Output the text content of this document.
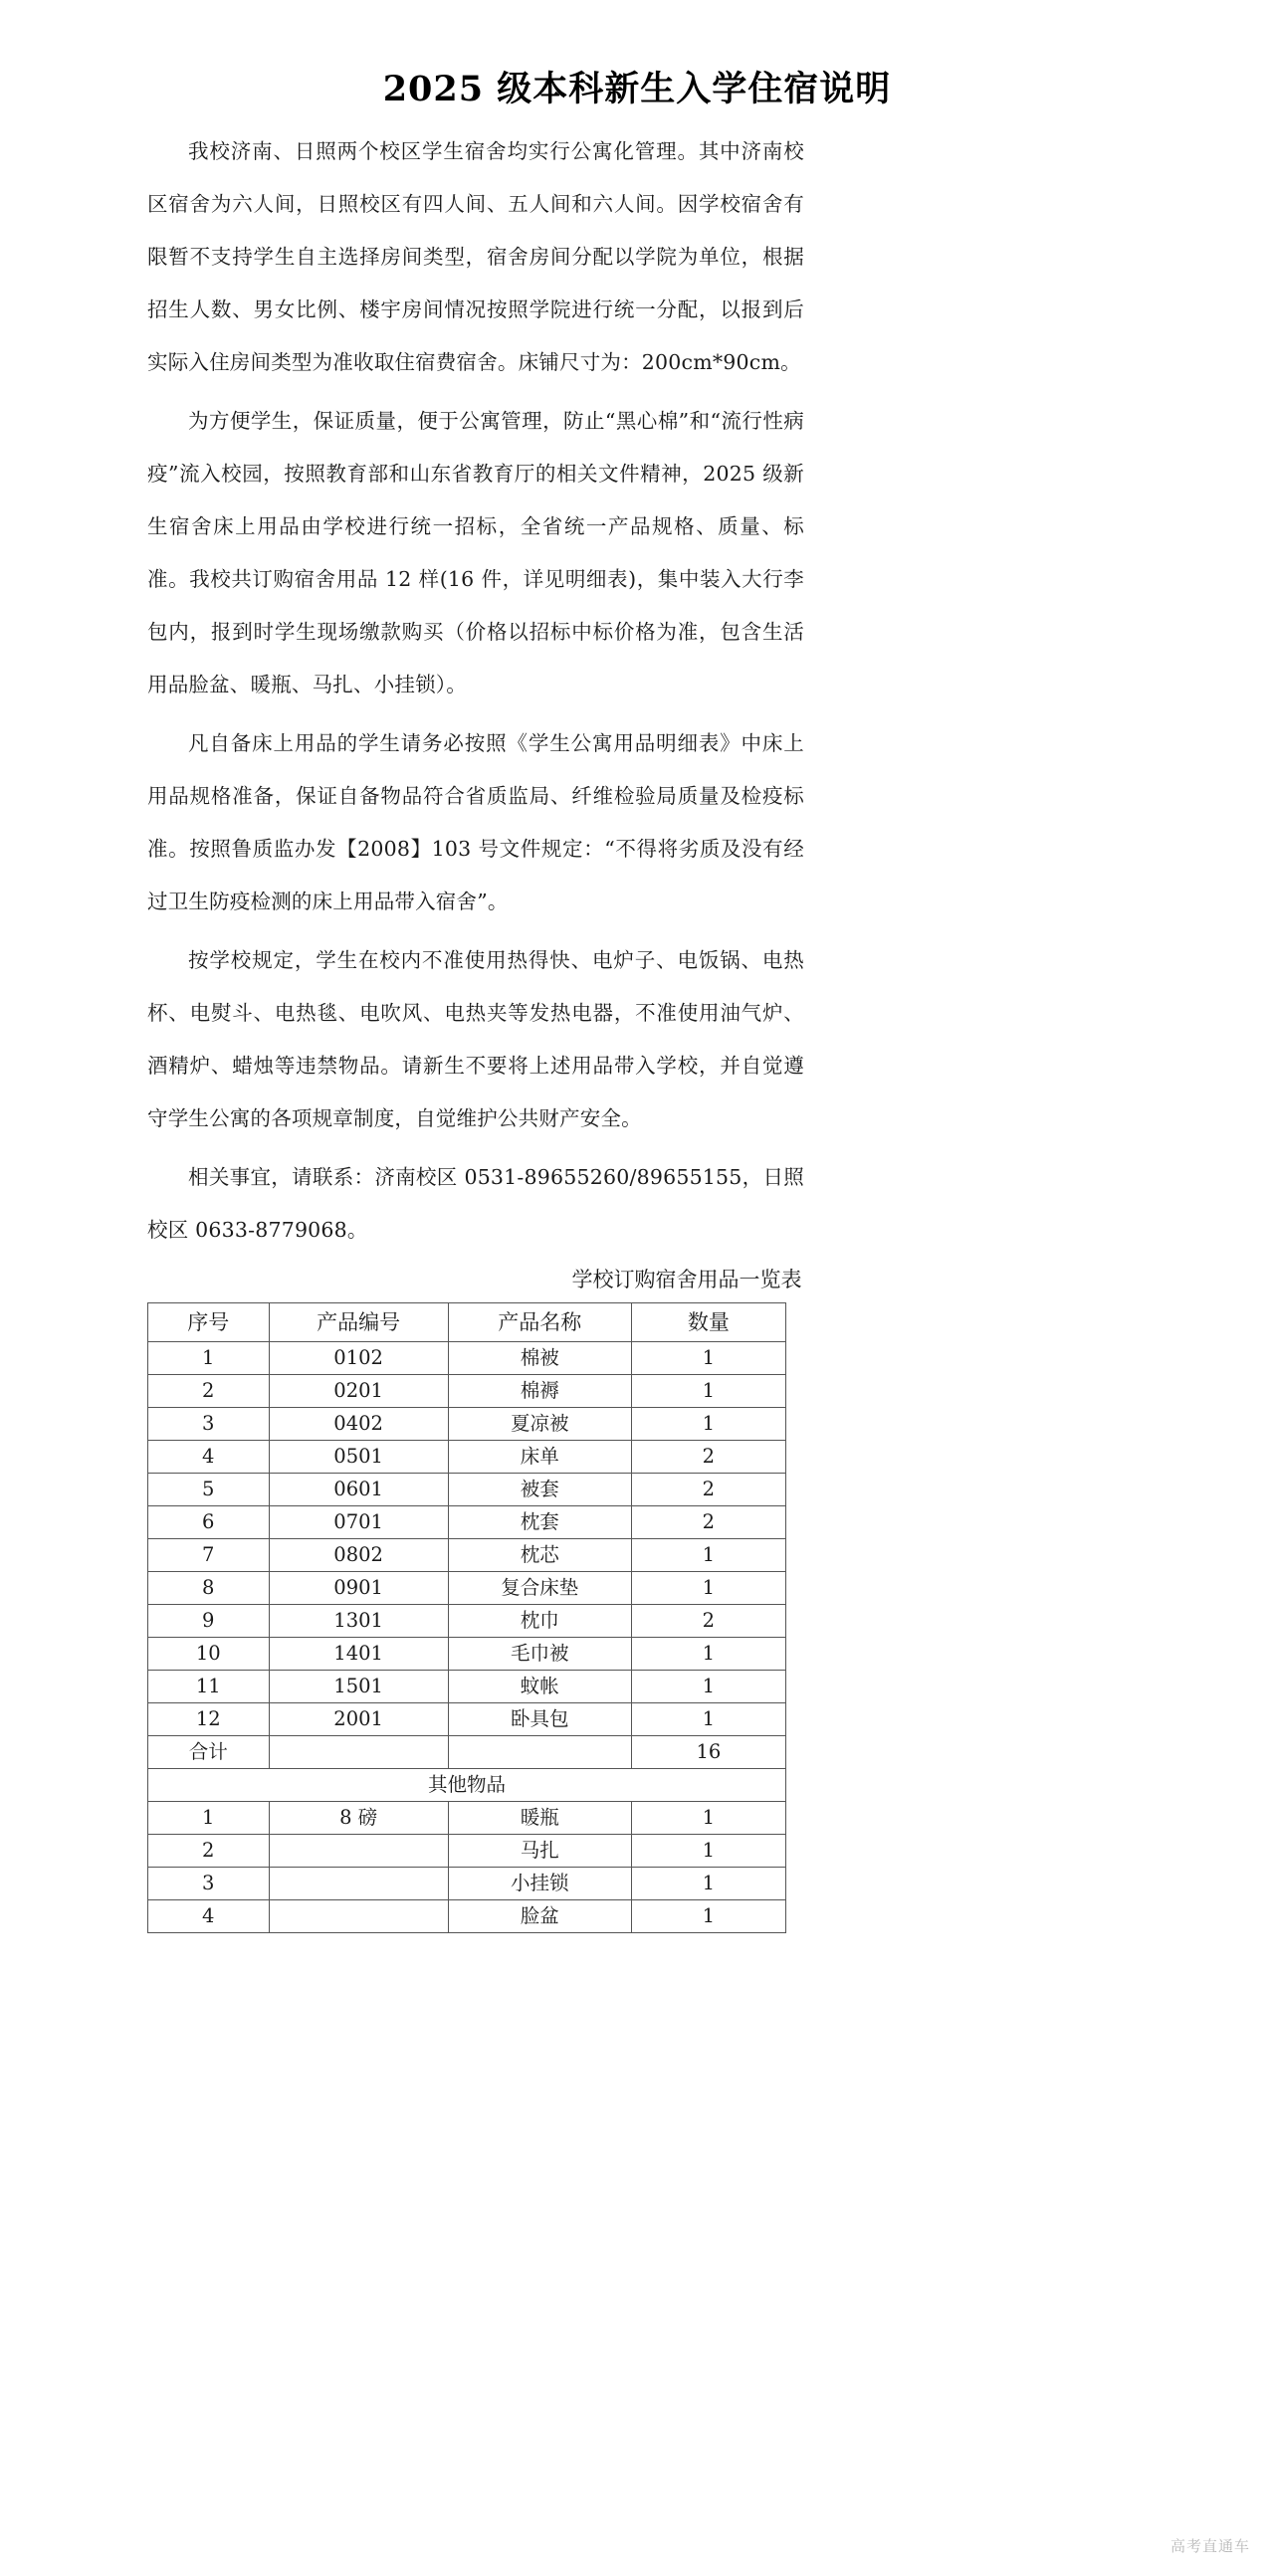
2025 级本科新生入学住宿说明

我校济南、日照两个校区学生宿舍均实行公寓化管理。其中济南校区宿舍为六人间，日照校区有四人间、五人间和六人间。因学校宿舍有限暂不支持学生自主选择房间类型，宿舍房间分配以学院为单位，根据招生人数、男女比例、楼宇房间情况按照学院进行统一分配，以报到后实际入住房间类型为准收取住宿费宿舍。床铺尺寸为：200cm*90cm。

为方便学生，保证质量，便于公寓管理，防止“黑心棉”和“流行性病疫”流入校园，按照教育部和山东省教育厅的相关文件精神，2025 级新生宿舍床上用品由学校进行统一招标，全省统一产品规格、质量、标准。我校共订购宿舍用品 12 样(16 件，详见明细表)，集中装入大行李包内，报到时学生现场缴款购买（价格以招标中标价格为准，包含生活用品脸盆、暖瓶、马扎、小挂锁）。

凡自备床上用品的学生请务必按照《学生公寓用品明细表》中床上用品规格准备，保证自备物品符合省质监局、纤维检验局质量及检疫标准。按照鲁质监办发【2008】103 号文件规定：“不得将劣质及没有经过卫生防疫检测的床上用品带入宿舍”。

按学校规定，学生在校内不准使用热得快、电炉子、电饭锅、电热杯、电熨斗、电热毯、电吹风、电热夹等发热电器，不准使用油气炉、酒精炉、蜡烛等违禁物品。请新生不要将上述用品带入学校，并自觉遵守学生公寓的各项规章制度，自觉维护公共财产安全。

相关事宜，请联系：济南校区 0531-89655260/89655155，日照校区 0633-8779068。

学校订购宿舍用品一览表
序号	产品编号	产品名称	数量
1	0102	棉被	1
2	0201	棉褥	1
3	0402	夏凉被	1
4	0501	床单	2
5	0601	被套	2
6	0701	枕套	2
7	0802	枕芯	1
8	0901	复合床垫	1
9	1301	枕巾	2
10	1401	毛巾被	1
11	1501	蚊帐	1
12	2001	卧具包	1
合计			16
其他物品			
1	8 磅	暖瓶	1
2		马扎	1
3		小挂锁	1
4		脸盆	1
高考直通车
